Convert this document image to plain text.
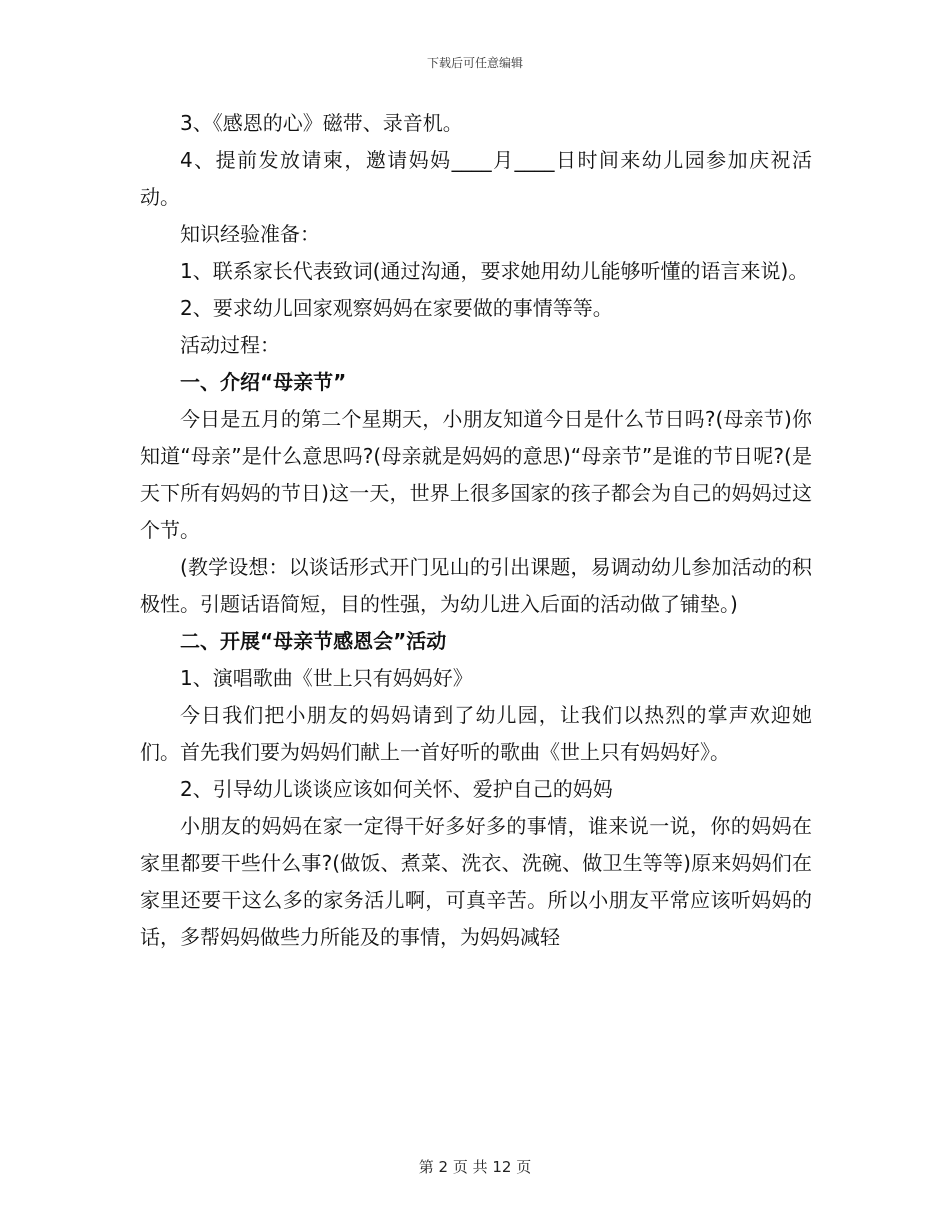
下载后可任意编辑

3、《感恩的心》磁带、录音机。

4、提前发放请柬，邀请妈妈____月____日时间来幼儿园参加庆祝活动。

知识经验准备：

1、联系家长代表致词(通过沟通，要求她用幼儿能够听懂的语言来说)。

2、要求幼儿回家观察妈妈在家要做的事情等等。

活动过程：

一、介绍“母亲节”

今日是五月的第二个星期天，小朋友知道今日是什么节日吗?(母亲节)你知道“母亲”是什么意思吗?(母亲就是妈妈的意思)“母亲节”是谁的节日呢?(是天下所有妈妈的节日)这一天，世界上很多国家的孩子都会为自己的妈妈过这个节。

(教学设想：以谈话形式开门见山的引出课题，易调动幼儿参加活动的积极性。引题话语简短，目的性强，为幼儿进入后面的活动做了铺垫。)

二、开展“母亲节感恩会”活动

1、演唱歌曲《世上只有妈妈好》

今日我们把小朋友的妈妈请到了幼儿园，让我们以热烈的掌声欢迎她们。首先我们要为妈妈们献上一首好听的歌曲《世上只有妈妈好》。

2、引导幼儿谈谈应该如何关怀、爱护自己的妈妈

小朋友的妈妈在家一定得干好多好多的事情，谁来说一说，你的妈妈在家里都要干些什么事?(做饭、煮菜、洗衣、洗碗、做卫生等等)原来妈妈们在家里还要干这么多的家务活儿啊，可真辛苦。所以小朋友平常应该听妈妈的话，多帮妈妈做些力所能及的事情，为妈妈减轻

第 2 页 共 12 页
